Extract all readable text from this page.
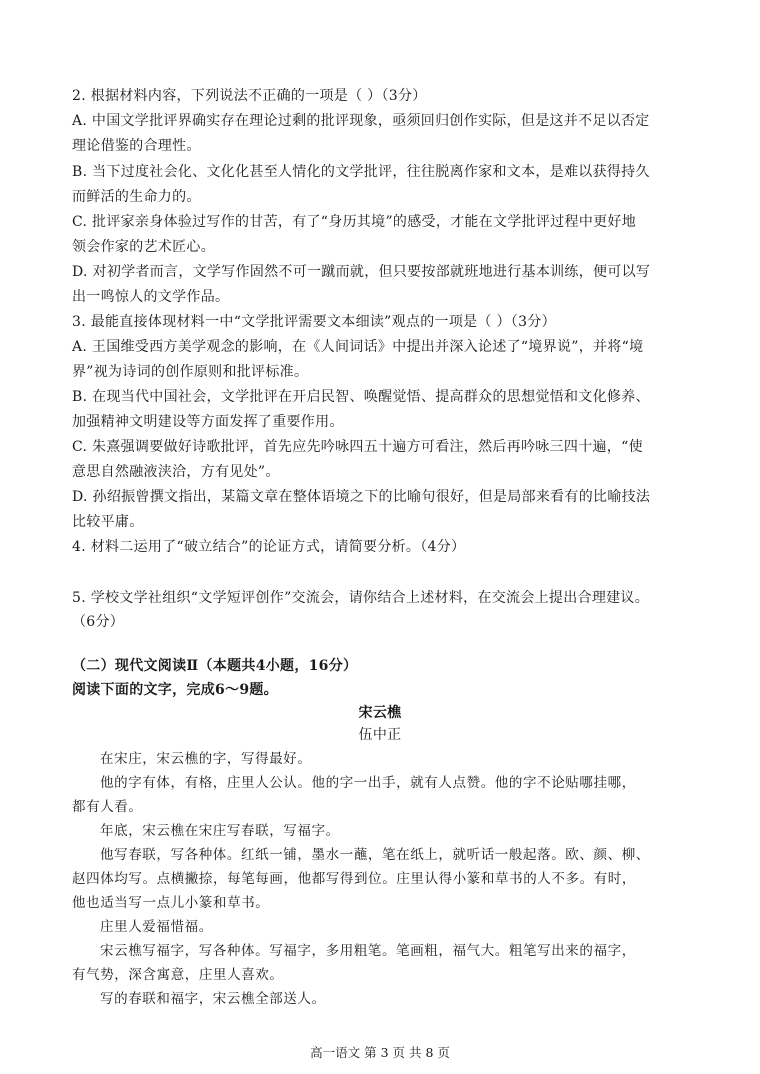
2. 根据材料内容，下列说法不正确的一项是（ ）（3分）
A. 中国文学批评界确实存在理论过剩的批评现象，亟须回归创作实际，但是这并不足以否定
理论借鉴的合理性。
B. 当下过度社会化、文化化甚至人情化的文学批评，往往脱离作家和文本，是难以获得持久
而鲜活的生命力的。
C. 批评家亲身体验过写作的甘苦，有了“身历其境”的感受，才能在文学批评过程中更好地
领会作家的艺术匠心。
D. 对初学者而言，文学写作固然不可一蹴而就，但只要按部就班地进行基本训练，便可以写
出一鸣惊人的文学作品。
3. 最能直接体现材料一中“文学批评需要文本细读”观点的一项是（ ）（3分）
A. 王国维受西方美学观念的影响，在《人间词话》中提出并深入论述了“境界说”，并将“境
界”视为诗词的创作原则和批评标准。
B. 在现当代中国社会，文学批评在开启民智、唤醒觉悟、提高群众的思想觉悟和文化修养、
加强精神文明建设等方面发挥了重要作用。
C. 朱熹强调要做好诗歌批评，首先应先吟咏四五十遍方可看注，然后再吟咏三四十遍，“使
意思自然融液浃洽，方有见处”。
D. 孙绍振曾撰文指出，某篇文章在整体语境之下的比喻句很好，但是局部来看有的比喻技法
比较平庸。
4. 材料二运用了“破立结合”的论证方式，请简要分析。（4分）
5. 学校文学社组织“文学短评创作”交流会，请你结合上述材料，在交流会上提出合理建议。
（6分）
（二）现代文阅读Ⅱ（本题共4小题，16分）
阅读下面的文字，完成6～9题。
宋云樵
伍中正
在宋庄，宋云樵的字，写得最好。
他的字有体，有格，庄里人公认。他的字一出手，就有人点赞。他的字不论贴哪挂哪，
都有人看。
年底，宋云樵在宋庄写春联，写福字。
他写春联，写各种体。红纸一铺，墨水一蘸，笔在纸上，就听话一般起落。欧、颜、柳、
赵四体均写。点横撇捺，每笔每画，他都写得到位。庄里认得小篆和草书的人不多。有时，
他也适当写一点儿小篆和草书。
庄里人爱福惜福。
宋云樵写福字，写各种体。写福字，多用粗笔。笔画粗，福气大。粗笔写出来的福字，
有气势，深含寓意，庄里人喜欢。
写的春联和福字，宋云樵全部送人。
高一语文 第 3 页 共 8 页
